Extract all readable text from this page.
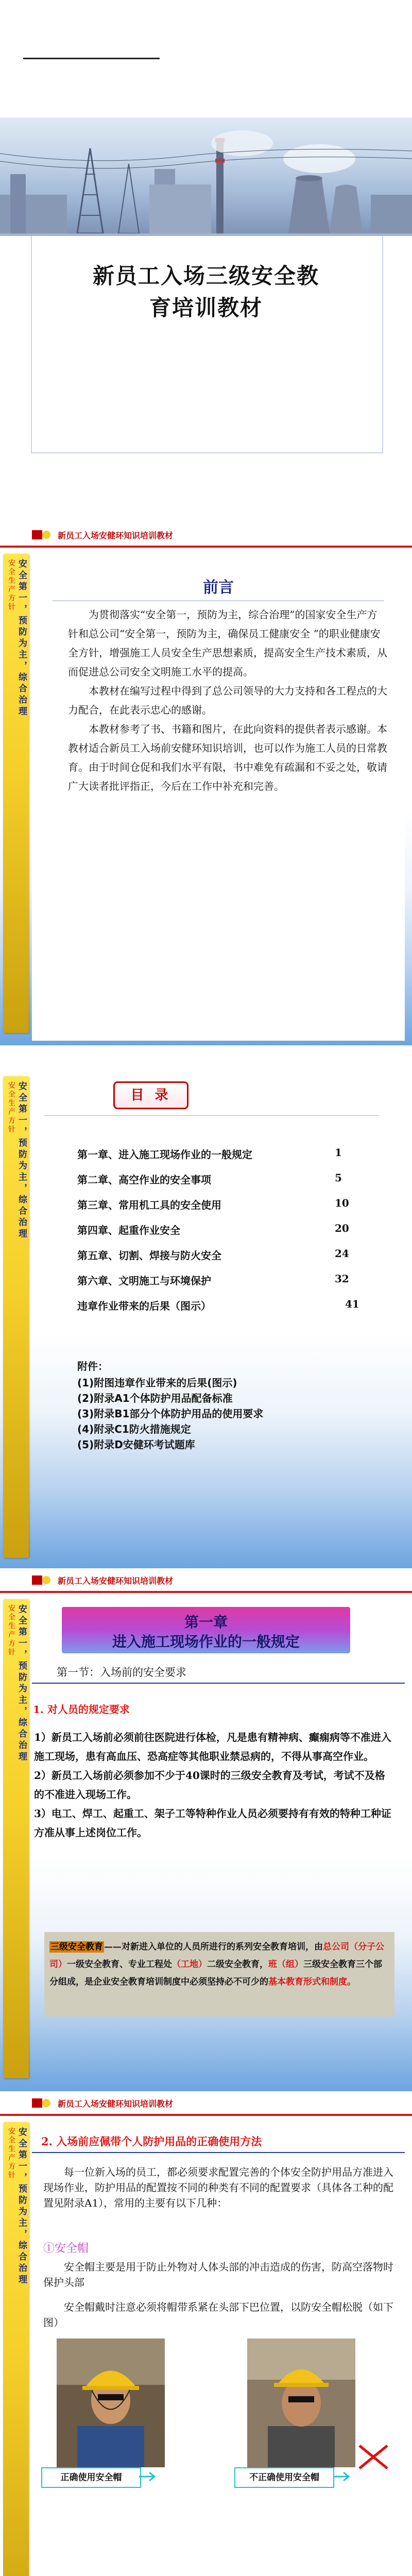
新员工入场三级安全教
育培训教材
新员工入场安健环知识培训教材
安全生产方针 安全第一，预防为主，综合治理	前言

为贯彻落实“安全第一，预防为主，综合治理”的国家安全生产方针和总公司“安全第一，预防为主，确保员工健康安全 ”的职业健康安全方针，增强施工人员安全生产思想素质，提高安全生产技术素质，从而促进总公司安全文明施工水平的提高。

本教材在编写过程中得到了总公司领导的大力支持和各工程点的大力配合，在此表示忠心的感谢。

本教材参考了书、书籍和图片，在此向资料的提供者表示感谢。本教材适合新员工入场前安健环知识培训，也可以作为施工人员的日常教育。由于时间仓促和我们水平有限，书中难免有疏漏和不妥之处，敬请广大读者批评指正，今后在工作中补充和完善。

安全生产方针 安全第一，预防为主，综合治理	目 录
第一章、进入施工现场作业的一般规定	1
第二章、高空作业的安全事项	5
第三章、常用机工具的安全使用	10
第四章、起重作业安全	20
第五章、切割、焊接与防火安全	24
第六章、文明施工与环境保护	32
违章作业带来的后果（图示）	41
附件：
(1)附图违章作业带来的后果(图示)
(2)附录A1个体防护用品配备标准
(3)附录B1部分个体防护用品的使用要求
(4)附录C1防火措施规定
(5)附录D安健环考试题库
新员工入场安健环知识培训教材
安全生产方针 安全第一，预防为主，综合治理	第一章
进入施工现场作业的一般规定
第一节：入场前的安全要求
1. 对人员的规定要求

1）新员工入场前必须前往医院进行体检，凡是患有精神病、癫痫病等不准进入施工现场，患有高血压、恐高症等其他职业禁忌病的，不得从事高空作业。

2）新员工入场前必须参加不少于40课时的三级安全教育及考试，考试不及格的不准进入现场工作。

3）电工、焊工、起重工、架子工等特种作业人员必须要持有有效的特种工种证方准从事上述岗位工作。

三级安全教育 ——对新进入单位的人员所进行的系列安全教育培训，由总公司（分子公司）一级安全教育、专业工程处（工地）二级安全教育，班（组）三级安全教育三个部分组成，是企业安全教育培训制度中必须坚持必不可少的基本教育形式和制度。
新员工入场安健环知识培训教材
安全生产方针 安全第一，预防为主，综合治理 2. 入场前应佩带个人防护用品的正确使用方法
每一位新入场的员工，都必须要求配置完善的个体安全防护用品方准进入现场作业，防护用品的配置按不同的种类有不同的配置要求（具体各工种的配置见附录A1），常用的主要有以下几种：
①安全帽
安全帽主要是用于防止外物对人体头部的冲击造成的伤害，防高空落物时保护头部
安全帽戴时注意必须将帽带系紧在头部下巴位置，以防安全帽松脱（如下图）
正确使用安全帽	不正确使用安全帽
